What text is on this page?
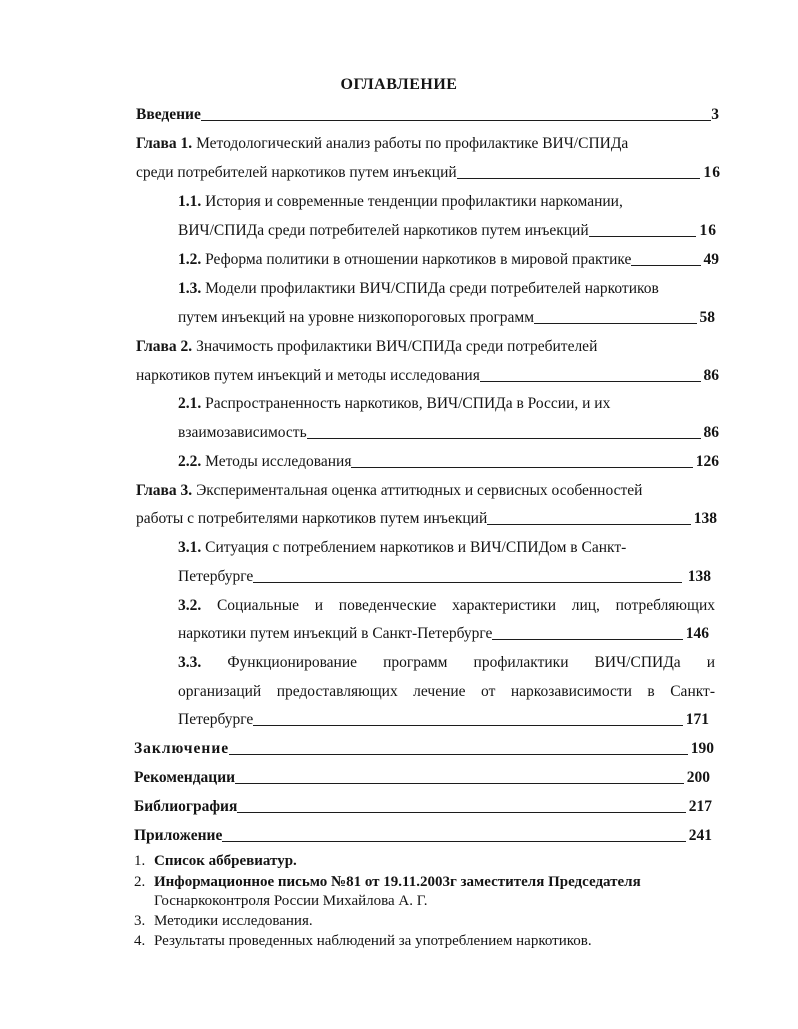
ОГЛАВЛЕНИЕ
Введение	3
Глава 1. Методологический анализ работы по профилактике ВИЧ/СПИДа
среди потребителей наркотиков путем инъекций	16
1.1. История и современные тенденции профилактики наркомании,
ВИЧ/СПИДа среди потребителей наркотиков путем инъекций	16
1.2. Реформа политики в отношении наркотиков в мировой практике	49
1.3. Модели профилактики ВИЧ/СПИДа среди потребителей наркотиков
путем инъекций на уровне низкопороговых программ	58
Глава 2. Значимость профилактики ВИЧ/СПИДа среди потребителей
наркотиков путем инъекций и методы исследования	86
2.1. Распространенность наркотиков, ВИЧ/СПИДа в России, и их
взаимозависимость	86
2.2. Методы исследования	126
Глава 3. Экспериментальная оценка аттитюдных и сервисных особенностей
работы с потребителями наркотиков путем инъекций	138
3.1. Ситуация с потреблением наркотиков и ВИЧ/СПИДом в Санкт-
Петербурге	138
3.2. Социальные и поведенческие характеристики лиц, потребляющих
наркотики путем инъекций в Санкт-Петербурге	146
3.3. Функционирование программ профилактики ВИЧ/СПИДа и
организаций предоставляющих лечение от наркозависимости в Санкт-
Петербурге	171
Заключение	190
Рекомендации	200
Библиография	217
Приложение	241
1. Список аббревиатур.
2. Информационное письмо №81 от 19.11.2003г заместителя Председателя
Госнаркоконтроля России Михайлова А. Г.
3. Методики исследования.
4. Результаты проведенных наблюдений за употреблением наркотиков.
